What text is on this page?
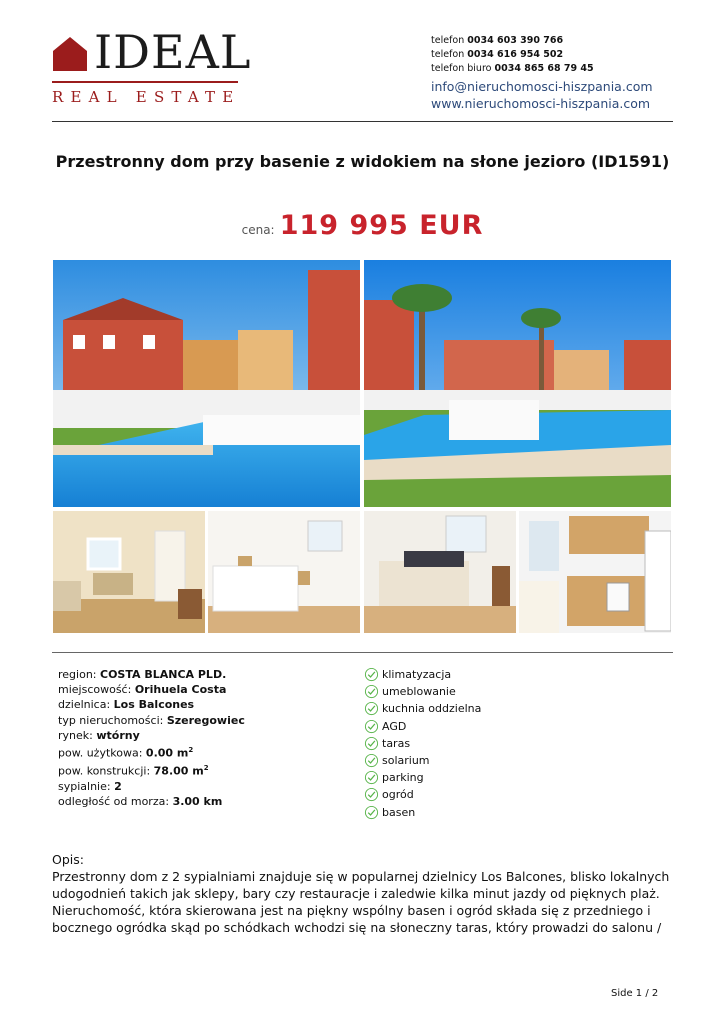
IDEAL
REAL ESTATE
telefon 0034 603 390 766
telefon 0034 616 954 502
telefon biuro 0034 865 68 79 45
info@nieruchomosci-hiszpania.com
www.nieruchomosci-hiszpania.com
Przestronny dom przy basenie z widokiem na słone jezioro (ID1591)
cena: 119 995 EUR
region: COSTA BLANCA PLD.
miejscowość: Orihuela Costa
dzielnica: Los Balcones
typ nieruchomości: Szeregowiec
rynek: wtórny
pow. użytkowa: 0.00 $m^2$
pow. konstrukcji: 78.00 $m^2$
sypialnie: 2
odległość od morza: 3.00 km
klimatyzacja
umeblowanie
kuchnia oddzielna
AGD
taras
solarium
parking
ogród
basen
Opis:
Przestronny dom z 2 sypialniami znajduje się w popularnej dzielnicy Los Balcones, blisko lokalnych udogodnień takich jak sklepy, bary czy restauracje i zaledwie kilka minut jazdy od pięknych plaż. Nieruchomość, która skierowana jest na piękny wspólny basen i ogród składa się z przedniego i bocznego ogródka skąd po schódkach wchodzi się na słoneczny taras, który prowadzi do salonu /
Side 1 / 2
